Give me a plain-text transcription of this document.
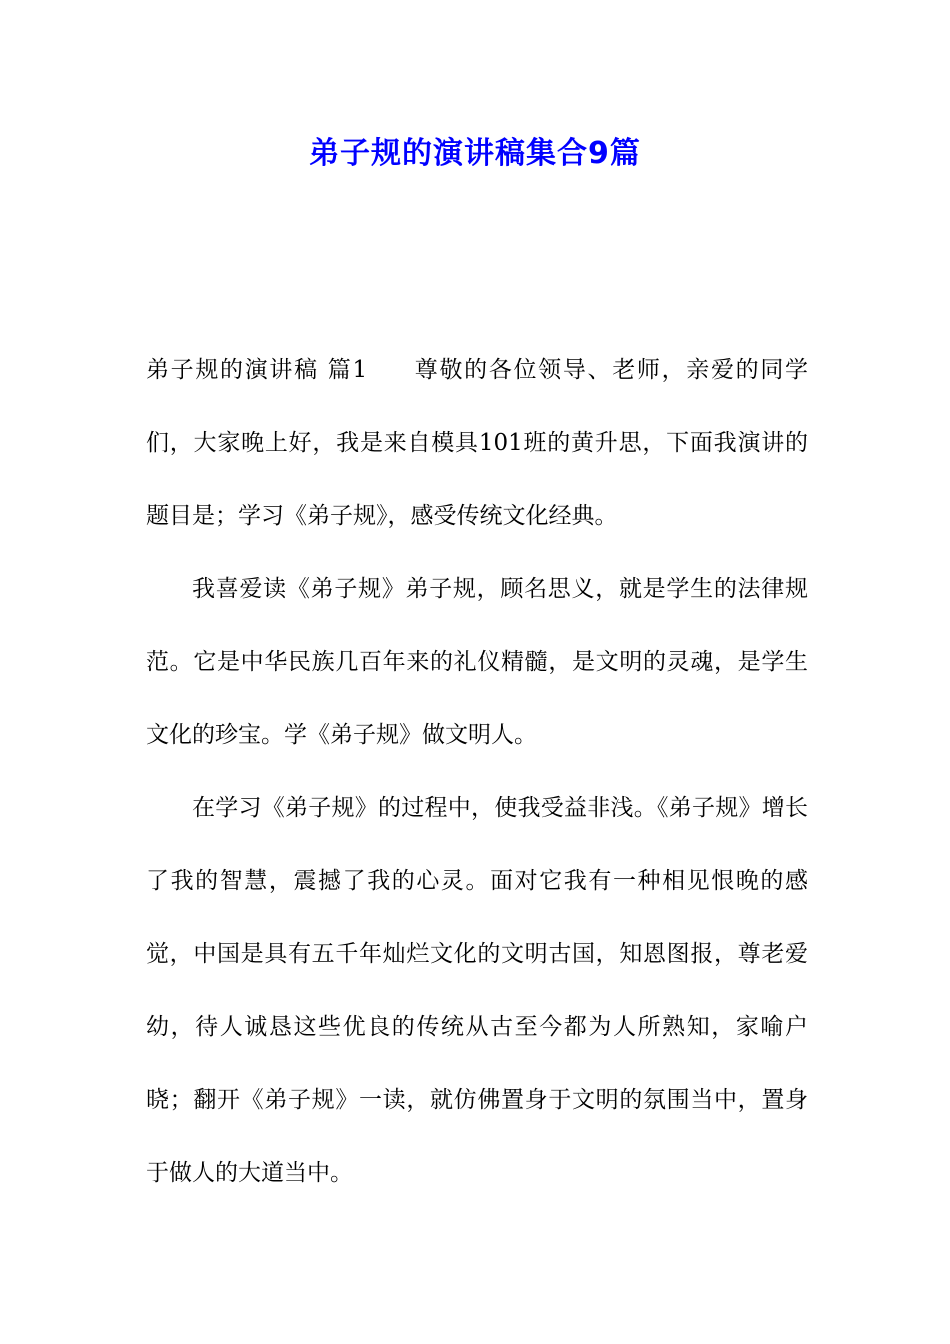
弟子规的演讲稿集合9篇

弟子规的演讲稿 篇1 尊敬的各位领导、老师，亲爱的同学们，大家晚上好，我是来自模具101班的黄升思，下面我演讲的题目是；学习《弟子规》，感受传统文化经典。

我喜爱读《弟子规》弟子规，顾名思义，就是学生的法律规范。它是中华民族几百年来的礼仪精髓，是文明的灵魂，是学生文化的珍宝。学《弟子规》做文明人。

在学习《弟子规》的过程中，使我受益非浅。《弟子规》增长了我的智慧，震撼了我的心灵。面对它我有一种相见恨晚的感觉，中国是具有五千年灿烂文化的文明古国，知恩图报，尊老爱幼，待人诚恳这些优良的传统从古至今都为人所熟知，家喻户晓；翻开《弟子规》一读，就仿佛置身于文明的氛围当中，置身于做人的大道当中。
